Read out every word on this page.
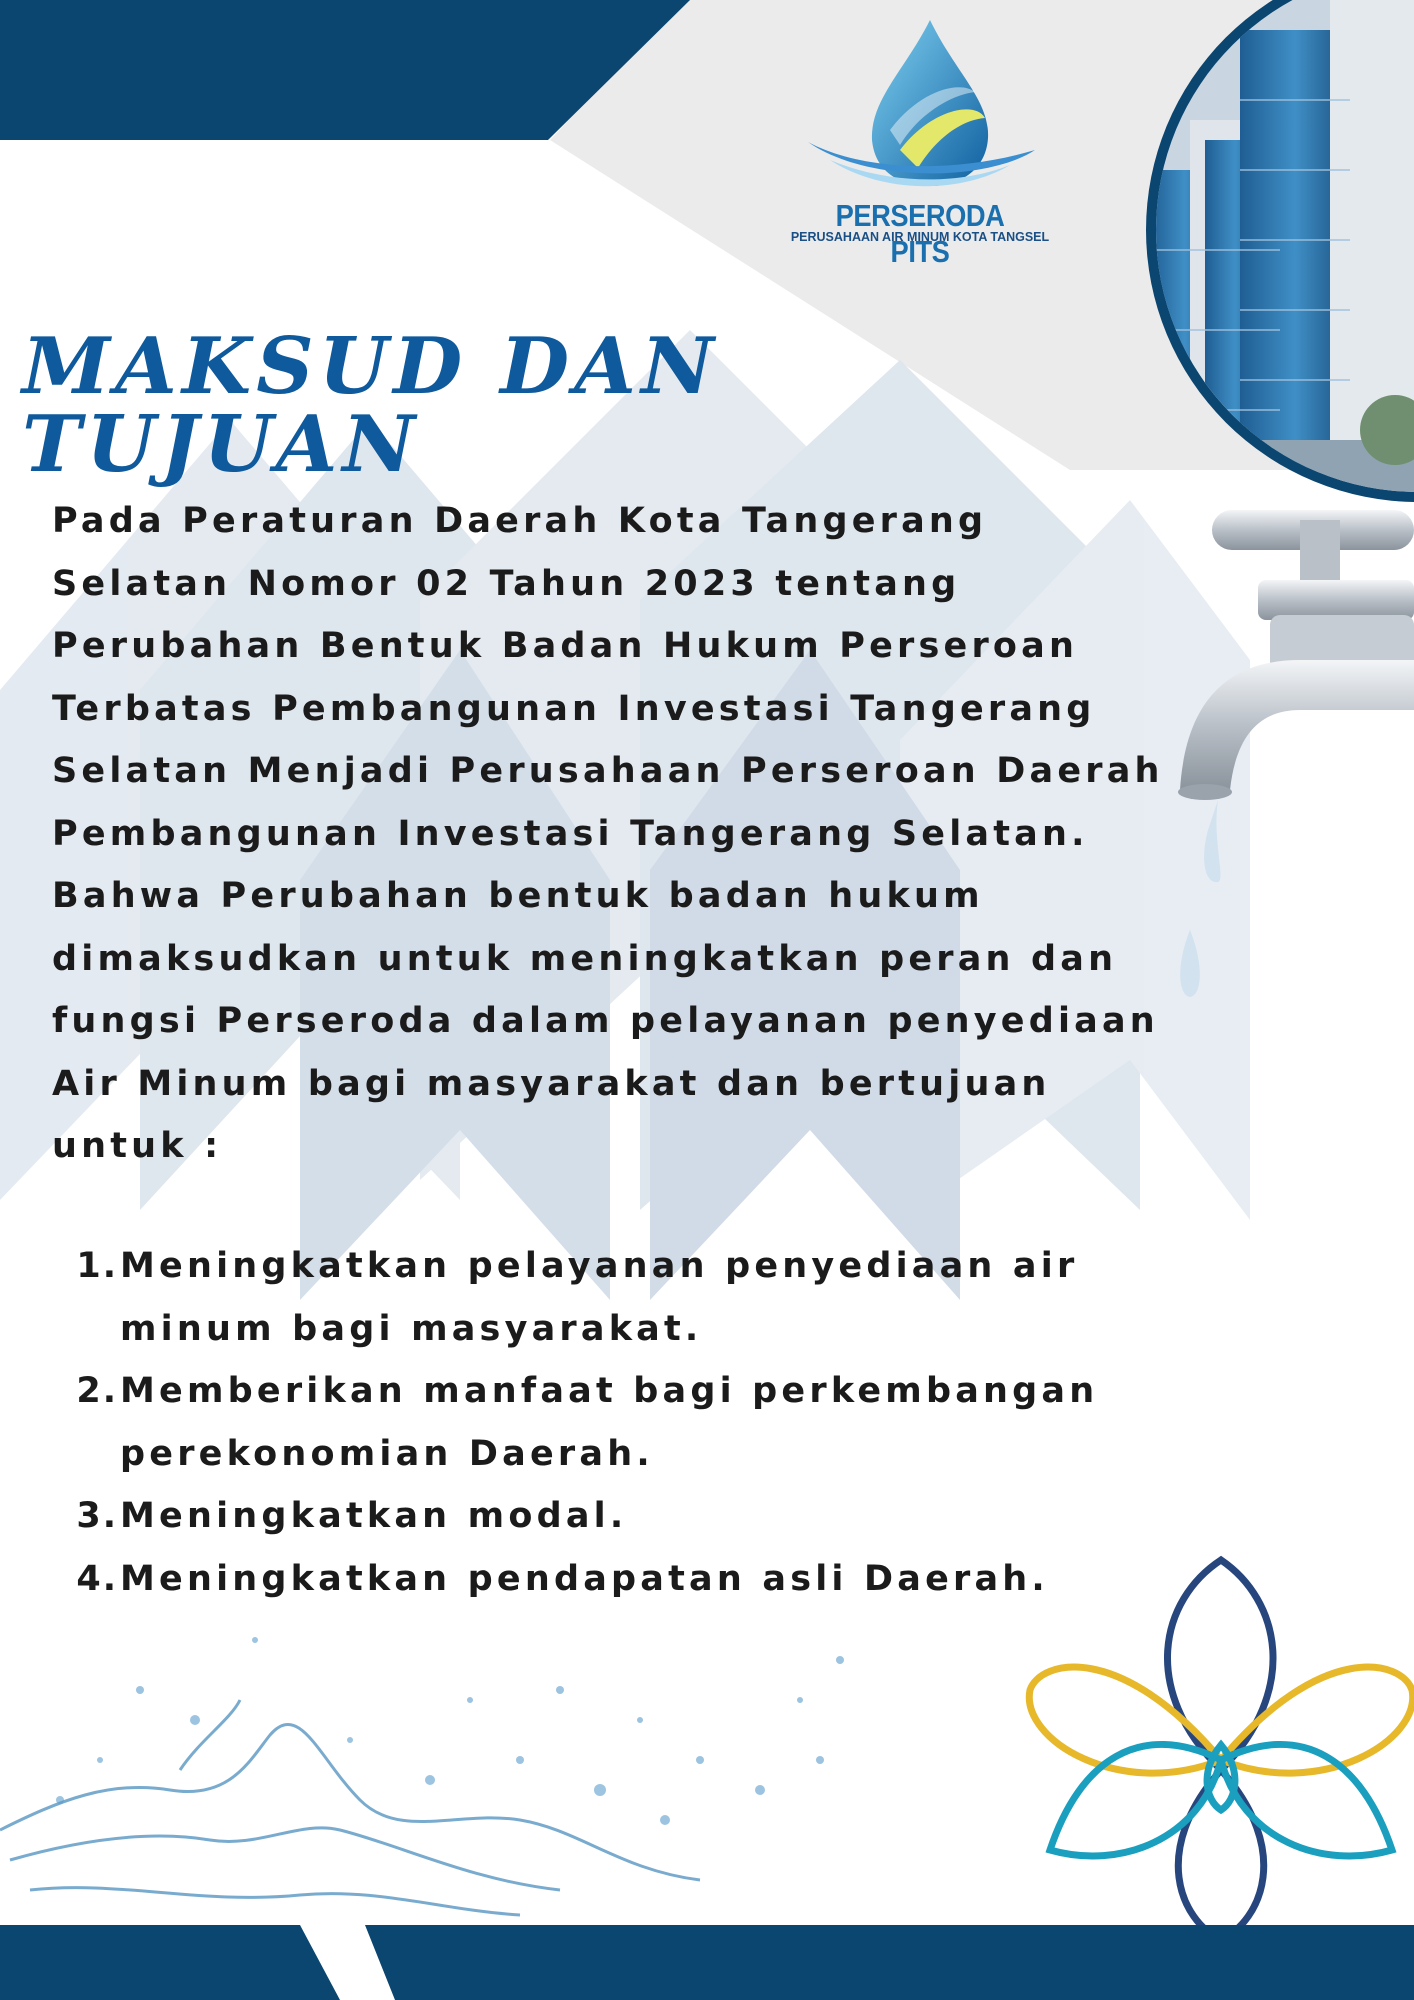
PERSERODA PITS
PERUSAHAAN AIR MINUM KOTA TANGSEL
MAKSUD DAN TUJUAN

Pada Peraturan Daerah Kota Tangerang Selatan Nomor 02 Tahun 2023 tentang Perubahan Bentuk Badan Hukum Perseroan Terbatas Pembangunan Investasi Tangerang Selatan Menjadi Perusahaan Perseroan Daerah Pembangunan Investasi Tangerang Selatan. Bahwa Perubahan bentuk badan hukum dimaksudkan untuk meningkatkan peran dan fungsi Perseroda dalam pelayanan penyediaan Air Minum bagi masyarakat dan bertujuan untuk :

1. Meningkatkan pelayanan penyediaan air minum bagi masyarakat.
2. Memberikan manfaat bagi perkembangan perekonomian Daerah.
3. Meningkatkan modal.
4. Meningkatkan pendapatan asli Daerah.
